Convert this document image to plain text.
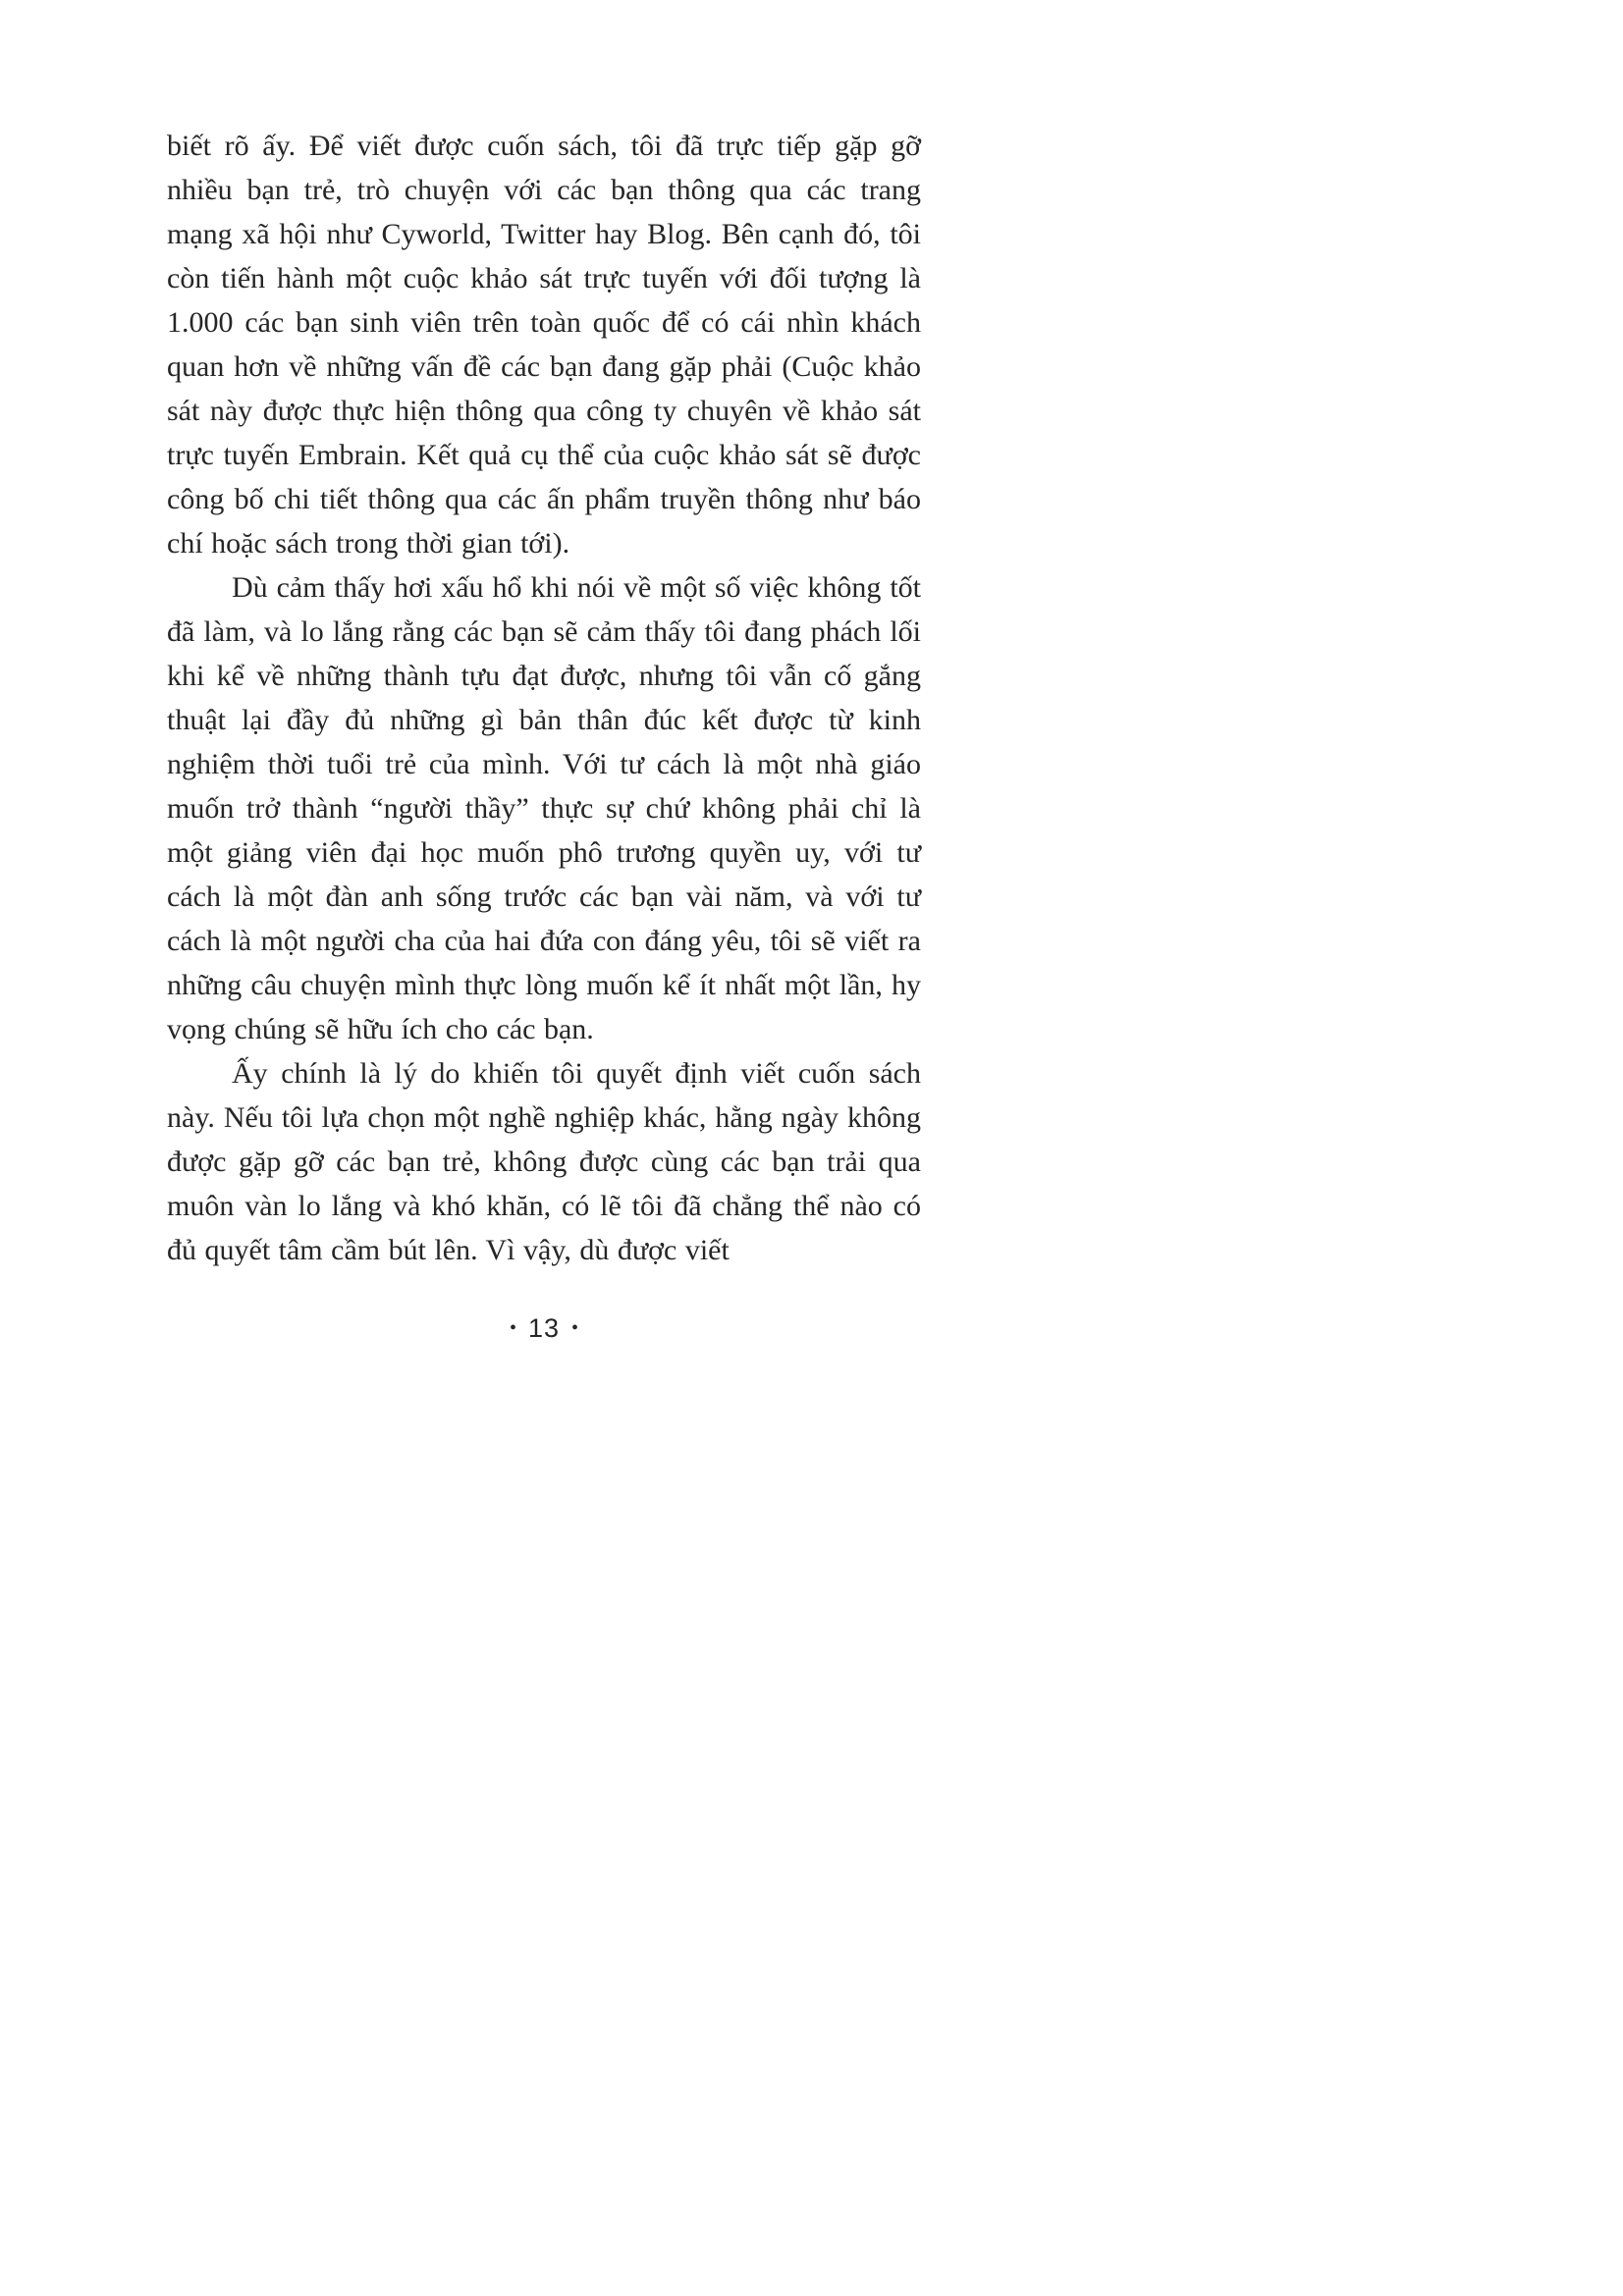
biết rõ ấy. Để viết được cuốn sách, tôi đã trực tiếp gặp gỡ nhiều bạn trẻ, trò chuyện với các bạn thông qua các trang mạng xã hội như Cyworld, Twitter hay Blog. Bên cạnh đó, tôi còn tiến hành một cuộc khảo sát trực tuyến với đối tượng là 1.000 các bạn sinh viên trên toàn quốc để có cái nhìn khách quan hơn về những vấn đề các bạn đang gặp phải (Cuộc khảo sát này được thực hiện thông qua công ty chuyên về khảo sát trực tuyến Embrain. Kết quả cụ thể của cuộc khảo sát sẽ được công bố chi tiết thông qua các ấn phẩm truyền thông như báo chí hoặc sách trong thời gian tới).

Dù cảm thấy hơi xấu hổ khi nói về một số việc không tốt đã làm, và lo lắng rằng các bạn sẽ cảm thấy tôi đang phách lối khi kể về những thành tựu đạt được, nhưng tôi vẫn cố gắng thuật lại đầy đủ những gì bản thân đúc kết được từ kinh nghiệm thời tuổi trẻ của mình. Với tư cách là một nhà giáo muốn trở thành “người thầy” thực sự chứ không phải chỉ là một giảng viên đại học muốn phô trương quyền uy, với tư cách là một đàn anh sống trước các bạn vài năm, và với tư cách là một người cha của hai đứa con đáng yêu, tôi sẽ viết ra những câu chuyện mình thực lòng muốn kể ít nhất một lần, hy vọng chúng sẽ hữu ích cho các bạn.

Ấy chính là lý do khiến tôi quyết định viết cuốn sách này. Nếu tôi lựa chọn một nghề nghiệp khác, hằng ngày không được gặp gỡ các bạn trẻ, không được cùng các bạn trải qua muôn vàn lo lắng và khó khăn, có lẽ tôi đã chẳng thể nào có đủ quyết tâm cầm bút lên. Vì vậy, dù được viết

• 13 •
